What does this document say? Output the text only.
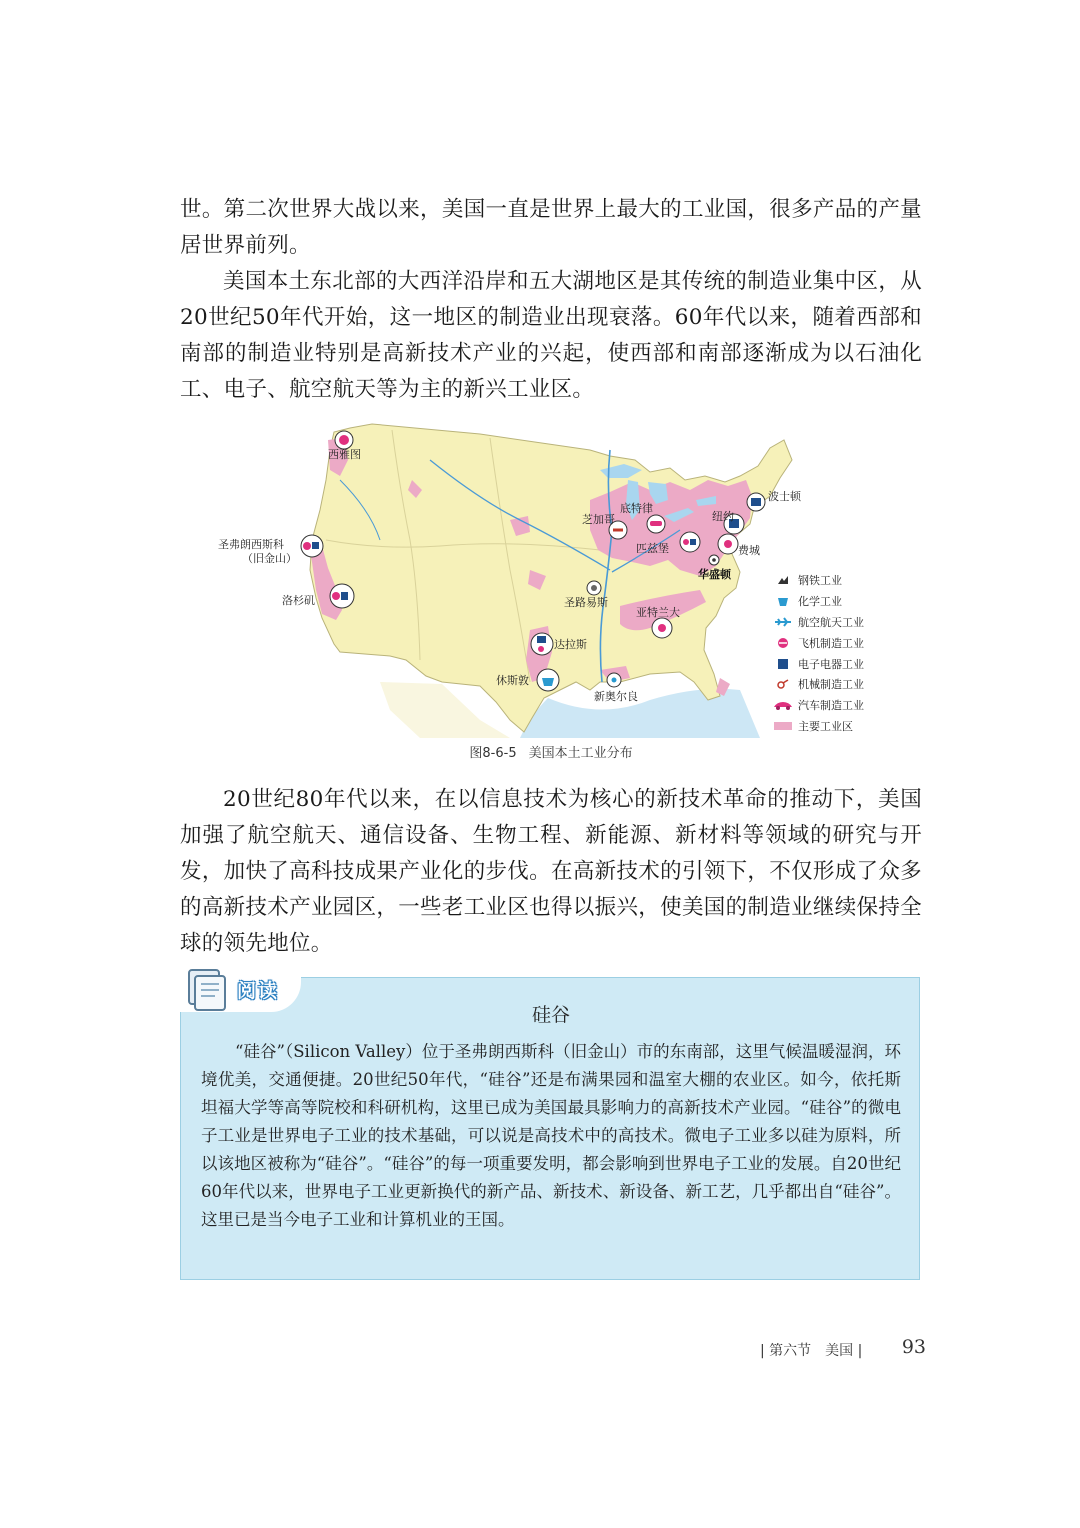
世。第二次世界大战以来，美国一直是世界上最大的工业国，很多产品的产量居世界前列。

美国本土东北部的大西洋沿岸和五大湖地区是其传统的制造业集中区，从20世纪50年代开始，这一地区的制造业出现衰落。60年代以来，随着西部和南部的制造业特别是高新技术产业的兴起，使西部和南部逐渐成为以石油化工、电子、航空航天等为主的新兴工业区。

西雅图
圣弗朗西斯科
（旧金山）
洛杉矶
芝加哥
底特律
匹兹堡
纽约
波士顿
费城
华盛顿
圣路易斯
亚特兰大
达拉斯
休斯敦
新奥尔良
钢铁工业
化学工业
航空航天工业
飞机制造工业
电子电器工业
机械制造工业
汽车制造工业
主要工业区
图8-6-5 美国本土工业分布

20世纪80年代以来，在以信息技术为核心的新技术革命的推动下，美国加强了航空航天、通信设备、生物工程、新能源、新材料等领域的研究与开发，加快了高科技成果产业化的步伐。在高新技术的引领下，不仅形成了众多的高新技术产业园区，一些老工业区也得以振兴，使美国的制造业继续保持全球的领先地位。

阅读
硅谷

“硅谷”（Silicon Valley）位于圣弗朗西斯科（旧金山）市的东南部，这里气候温暖湿润，环境优美，交通便捷。20世纪50年代，“硅谷”还是布满果园和温室大棚的农业区。如今，依托斯坦福大学等高等院校和科研机构，这里已成为美国最具影响力的高新技术产业园。“硅谷”的微电子工业是世界电子工业的技术基础，可以说是高技术中的高技术。微电子工业多以硅为原料，所以该地区被称为“硅谷”。“硅谷”的每一项重要发明，都会影响到世界电子工业的发展。自20世纪60年代以来，世界电子工业更新换代的新产品、新技术、新设备、新工艺，几乎都出自“硅谷”。这里已是当今电子工业和计算机业的王国。

| 第六节　美国 | 93
